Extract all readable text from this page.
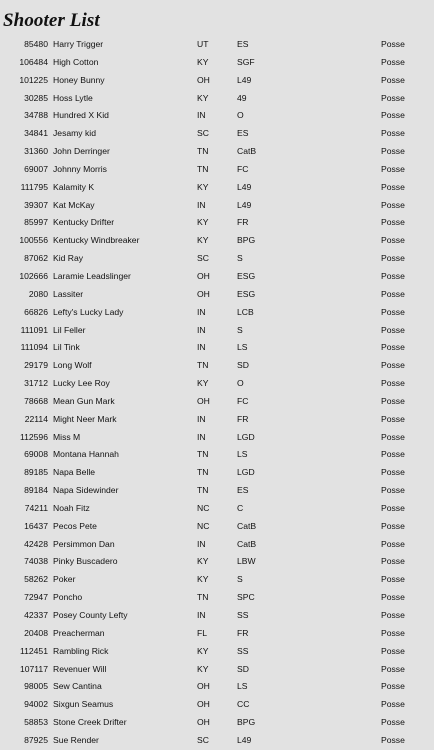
Shooter List
85480 Harry Trigger	UT	ES	Posse
106484 High Cotton	KY	SGF	Posse
101225 Honey Bunny	OH	L49	Posse
30285 Hoss Lytle	KY	49	Posse
34788 Hundred X Kid	IN	O	Posse
34841 Jesamy kid	SC	ES	Posse
31360 John Derringer	TN	CatB	Posse
69007 Johnny Morris	TN	FC	Posse
111795 Kalamity K	KY	L49	Posse
39307 Kat McKay	IN	L49	Posse
85997 Kentucky Drifter	KY	FR	Posse
100556 Kentucky Windbreaker	KY	BPG	Posse
87062 Kid Ray	SC	S	Posse
102666 Laramie Leadslinger	OH	ESG	Posse
2080 Lassiter	OH	ESG	Posse
66826 Lefty's Lucky Lady	IN	LCB	Posse
111091 Lil Feller	IN	S	Posse
111094 Lil Tink	IN	LS	Posse
29179 Long Wolf	TN	SD	Posse
31712 Lucky Lee Roy	KY	O	Posse
78668 Mean Gun Mark	OH	FC	Posse
22114 Might Neer Mark	IN	FR	Posse
112596 Miss M	IN	LGD	Posse
69008 Montana Hannah	TN	LS	Posse
89185 Napa Belle	TN	LGD	Posse
89184 Napa Sidewinder	TN	ES	Posse
74211 Noah Fitz	NC	C	Posse
16437 Pecos Pete	NC	CatB	Posse
42428 Persimmon Dan	IN	CatB	Posse
74038 Pinky Buscadero	KY	LBW	Posse
58262 Poker	KY	S	Posse
72947 Poncho	TN	SPC	Posse
42337 Posey County Lefty	IN	SS	Posse
20408 Preacherman	FL	FR	Posse
112451 Rambling Rick	KY	SS	Posse
107117 Revenuer Will	KY	SD	Posse
98005 Sew Cantina	OH	LS	Posse
94002 Sixgun Seamus	OH	CC	Posse
58853 Stone Creek Drifter	OH	BPG	Posse
87925 Sue Render	SC	L49	Posse
